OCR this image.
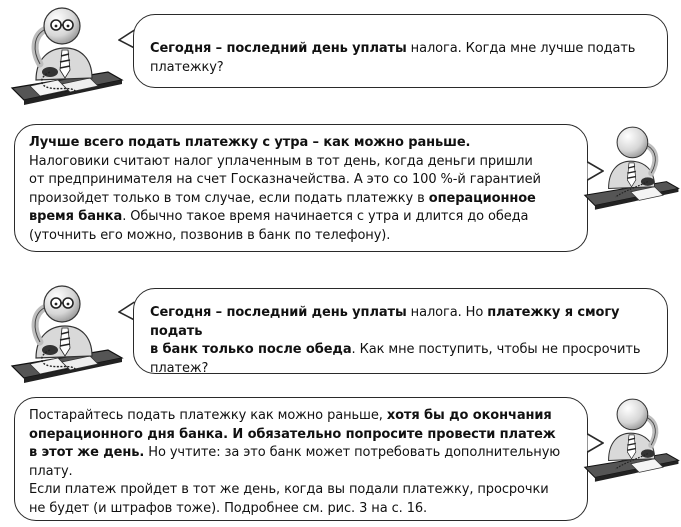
Сегодня – последний день уплаты налога. Когда мне лучше подать платежку?

Лучше всего подать платежку с утра – как можно раньше.

Налоговики считают налог уплаченным в тот день, когда деньги пришли

от предпринимателя на счет Госказначейства. А это со 100 %-й гарантией

произойдет только в том случае, если подать платежку в операционное

время банка. Обычно такое время начинается с утра и длится до обеда

(уточнить его можно, позвонив в банк по телефону).

Сегодня – последний день уплаты налога. Но платежку я смогу подать

в банк только после обеда. Как мне поступить, чтобы не просрочить

платеж?

Постарайтесь подать платежку как можно раньше, хотя бы до окончания

операционного дня банка. И обязательно попросите провести платеж

в этот же день. Но учтите: за это банк может потребовать дополнительную

плату.

Если платеж пройдет в тот же день, когда вы подали платежку, просрочки

не будет (и штрафов тоже). Подробнее см. рис. 3 на с. 16.
